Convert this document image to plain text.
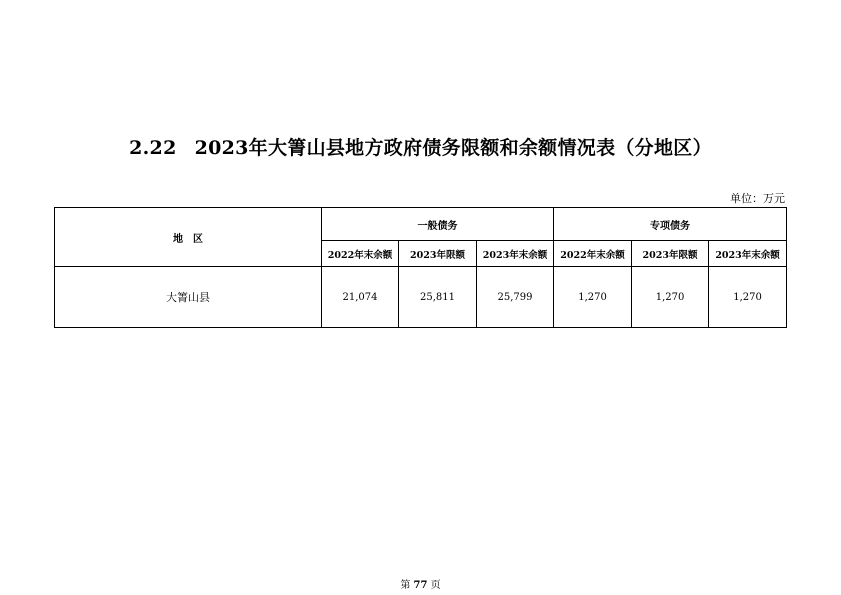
2.22 2023年大箐山县地方政府债务限额和余额情况表（分地区）
单位：万元
地　区	一般债务			专项债务		
	2022年末余额	2023年限额	2023年末余额	2022年末余额	2023年限额	2023年末余额
大箐山县	21,074	25,811	25,799	1,270	1,270	1,270
第 77 页
